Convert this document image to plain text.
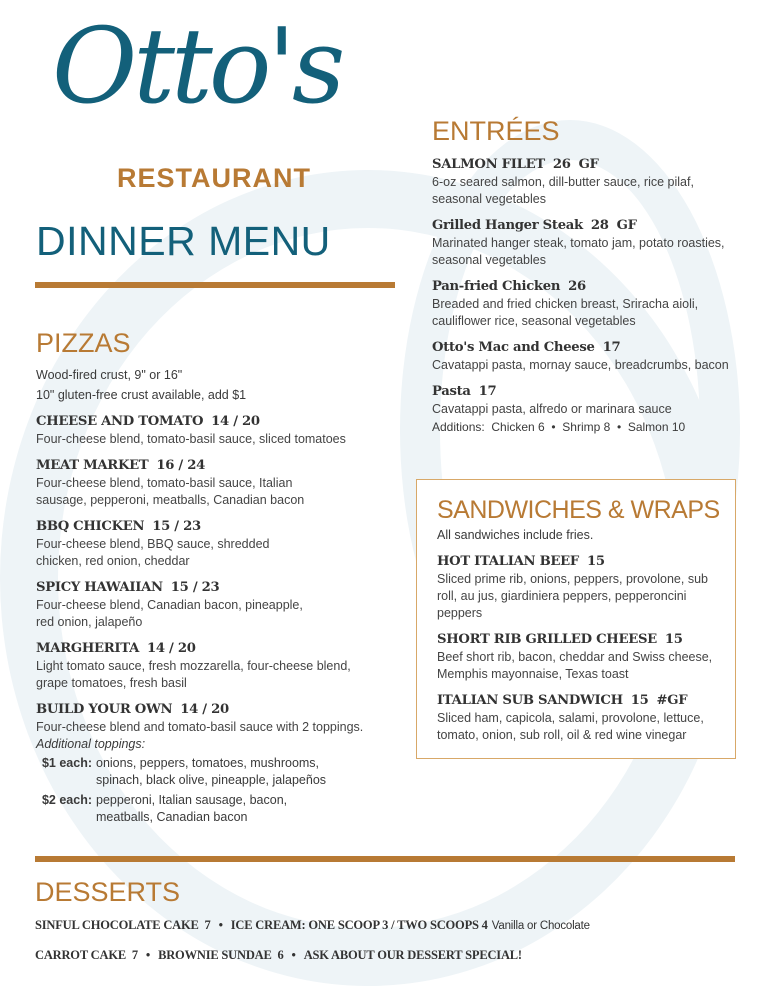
Otto's
RESTAURANT
DINNER MENU
PIZZAS
Wood-fired crust, 9" or 16"
10" gluten-free crust available, add $1
CHEESE AND TOMATO 14 / 20
Four-cheese blend, tomato-basil sauce, sliced tomatoes
MEAT MARKET 16 / 24
Four-cheese blend, tomato-basil sauce, Italian sausage, pepperoni, meatballs, Canadian bacon
BBQ CHICKEN 15 / 23
Four-cheese blend, BBQ sauce, shredded chicken, red onion, cheddar
SPICY HAWAIIAN 15 / 23
Four-cheese blend, Canadian bacon, pineapple, red onion, jalapeño
MARGHERITA 14 / 20
Light tomato sauce, fresh mozzarella, four-cheese blend, grape tomatoes, fresh basil
BUILD YOUR OWN 14 / 20
Four-cheese blend and tomato-basil sauce with 2 toppings.
Additional toppings:
$1 each: onions, peppers, tomatoes, mushrooms, spinach, black olive, pineapple, jalapeños
$2 each: pepperoni, Italian sausage, bacon, meatballs, Canadian bacon
ENTRÉES
SALMON FILET 26 GF
6-oz seared salmon, dill-butter sauce, rice pilaf, seasonal vegetables
Grilled Hanger Steak 28 GF
Marinated hanger steak, tomato jam, potato roasties, seasonal vegetables
Pan-fried Chicken 26
Breaded and fried chicken breast, Sriracha aioli, cauliflower rice, seasonal vegetables
Otto's Mac and Cheese 17
Cavatappi pasta, mornay sauce, breadcrumbs, bacon
Pasta 17
Cavatappi pasta, alfredo or marinara sauce
Additions:  Chicken 6  •  Shrimp 8  •  Salmon 10
SANDWICHES & WRAPS
All sandwiches include fries.
HOT ITALIAN BEEF 15
Sliced prime rib, onions, peppers, provolone, sub roll, au jus, giardiniera peppers, pepperoncini peppers
SHORT RIB GRILLED CHEESE 15
Beef short rib, bacon, cheddar and Swiss cheese, Memphis mayonnaise, Texas toast
ITALIAN SUB SANDWICH 15 #GF
Sliced ham, capicola, salami, provolone, lettuce, tomato, onion, sub roll, oil & red wine vinegar
DESSERTS
SINFUL CHOCOLATE CAKE  7 • ICE CREAM: ONE SCOOP 3 / TWO SCOOPS 4 Vanilla or Chocolate
CARROT CAKE  7 • BROWNIE SUNDAE  6 • ASK ABOUT OUR DESSERT SPECIAL!
